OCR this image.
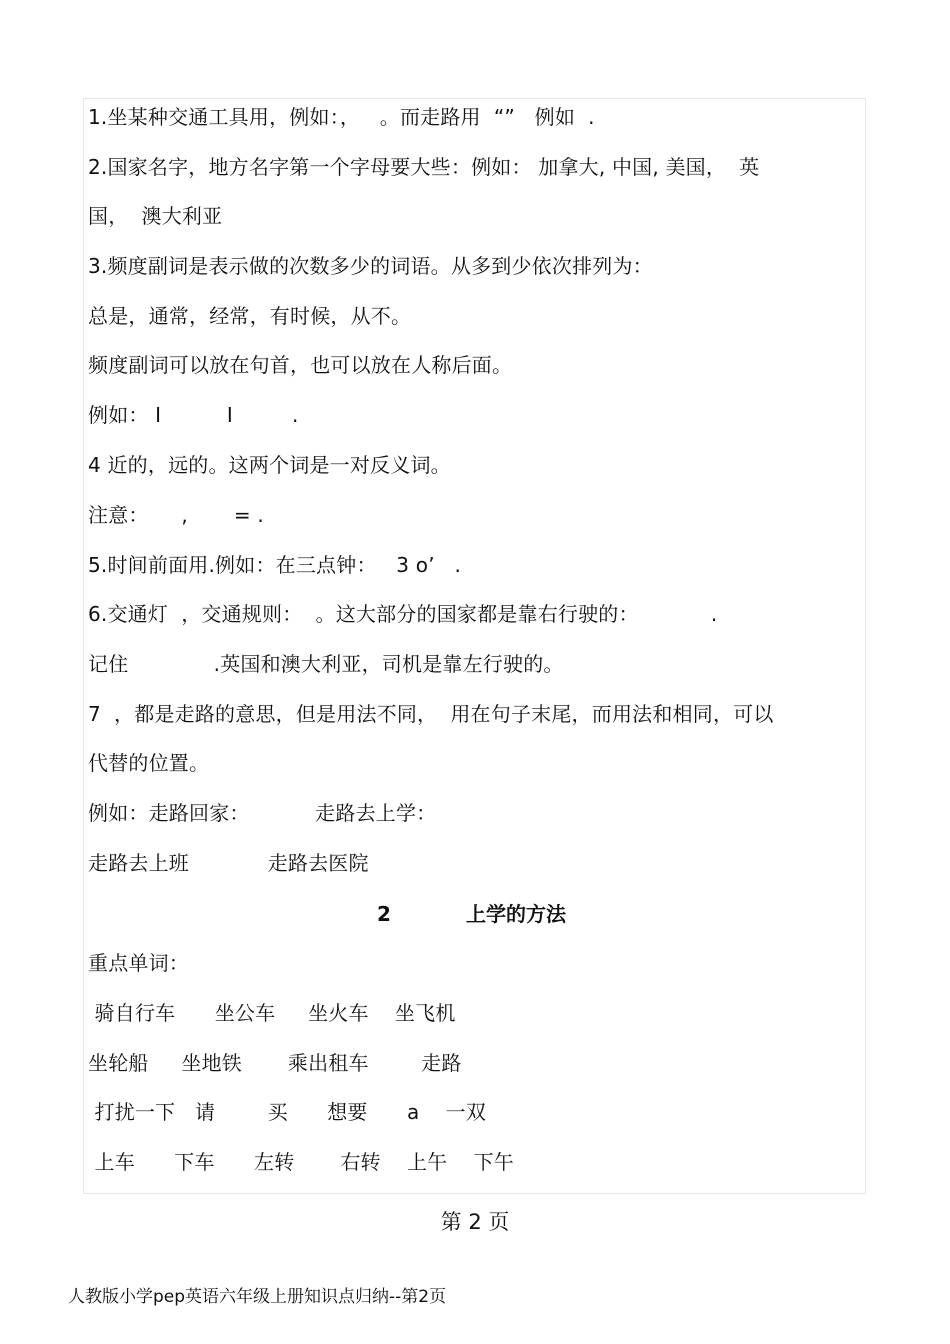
1.坐某种交通工具用，例如：，   。而走路用  “”   例如  .
2.国家名字，地方名字第一个字母要大些：例如： 加拿大, 中国, 美国，  英
国，  澳大利亚
3.频度副词是表示做的次数多少的词语。从多到少依次排列为：
总是，通常，经常，有时候，从不。
频度副词可以放在句首，也可以放在人称后面。
例如： I          I         .
4 近的，远的。这两个词是一对反义词。
注意：     ,       = .
5.时间前面用.例如：在三点钟：   3 o’   .
6.交通灯  ，交通规则：  。这大部分的国家都是靠右行驶的：           .
记住             .英国和澳大利亚，司机是靠左行驶的。
7  ，都是走路的意思，但是用法不同，  用在句子末尾，而用法和相同，可以
代替的位置。
例如：走路回家：          走路去上学：
走路去上班            走路去医院
2	上学的方法
重点单词：
骑自行车      坐公车     坐火车    坐飞机
坐轮船     坐地铁       乘出租车        走路
打扰一下   请        买      想要      a    一双
上车      下车      左转       右转    上午    下午
第 2 页
人教版小学pep英语六年级上册知识点归纳--第2页
